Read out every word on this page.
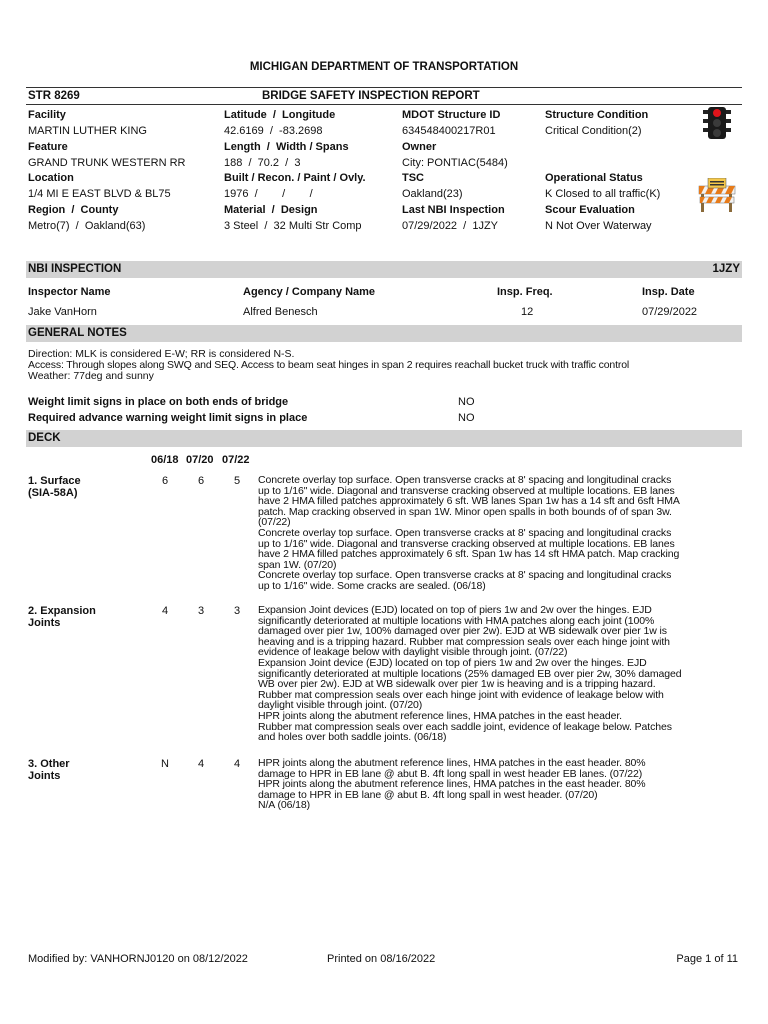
MICHIGAN DEPARTMENT OF TRANSPORTATION
STR 8269	BRIDGE SAFETY INSPECTION REPORT
Facility
MARTIN LUTHER KING
Feature
GRAND TRUNK WESTERN RR
Location
1/4 MI E EAST BLVD & BL75
Region  /  County
Metro(7)  /  Oakland(63)
Latitude  /  Longitude
42.6169  /  -83.2698
Length  /  Width / Spans
188  /  70.2  /  3
Built / Recon. / Paint / Ovly.
1976  /        /        /
Material  /  Design
3 Steel  /  32 Multi Str Comp
MDOT Structure ID
634548400217R01
Owner
City: PONTIAC(5484)
TSC
Oakland(23)
Last NBI Inspection
07/29/2022  /  1JZY
Structure Condition
Critical Condition(2)
Operational Status
K Closed to all traffic(K)
Scour Evaluation
N Not Over Waterway
NBI INSPECTION	1JZY
Inspector Name	Agency / Company Name	Insp. Freq.	Insp. Date
Jake VanHorn	Alfred Benesch	12	07/29/2022
GENERAL NOTES
Direction: MLK is considered E-W; RR is considered N-S.
Access: Through slopes along SWQ and SEQ. Access to beam seat hinges in span 2 requires reachall bucket truck with traffic control
Weather: 77deg and sunny
Weight limit signs in place on both ends of bridge	NO
Required advance warning weight limit signs in place	NO
DECK
06/18 07/20 07/22
1. Surface
(SIA-58A)
6	6	5	Concrete overlay top surface. Open transverse cracks at 8' spacing and longitudinal cracks
up to 1/16" wide. Diagonal and transverse cracking observed at multiple locations. EB lanes
have 2 HMA filled patches approximately 6 sft. WB lanes Span 1w has a 14 sft and 6sft HMA
patch. Map cracking observed in span 1W. Minor open spalls in both bounds of of span 3w.
(07/22)
Concrete overlay top surface. Open transverse cracks at 8' spacing and longitudinal cracks
up to 1/16" wide. Diagonal and transverse cracking observed at multiple locations. EB lanes
have 2 HMA filled patches approximately 6 sft. Span 1w has 14 sft HMA patch. Map cracking
span 1W. (07/20)
Concrete overlay top surface. Open transverse cracks at 8' spacing and longitudinal cracks
up to 1/16" wide. Some cracks are sealed. (06/18)
2. Expansion
Joints
4	3	3	Expansion Joint devices (EJD) located on top of piers 1w and 2w over the hinges. EJD
significantly deteriorated at multiple locations with HMA patches along each joint (100%
damaged over pier 1w, 100% damaged over pier 2w). EJD at WB sidewalk over pier 1w is
heaving and is a tripping hazard. Rubber mat compression seals over each hinge joint with
evidence of leakage below with daylight visible through joint. (07/22)
Expansion Joint device (EJD) located on top of piers 1w and 2w over the hinges. EJD
significantly deteriorated at multiple locations (25% damaged EB over pier 2w, 30% damaged
WB over pier 2w). EJD at WB sidewalk over pier 1w is heaving and is a tripping hazard.
Rubber mat compression seals over each hinge joint with evidence of leakage below with
daylight visible through joint. (07/20)
HPR joints along the abutment reference lines, HMA patches in the east header.
Rubber mat compression seals over each saddle joint, evidence of leakage below. Patches
and holes over both saddle joints. (06/18)
3. Other
Joints
N	4	4	HPR joints along the abutment reference lines, HMA patches in the east header. 80%
damage to HPR in EB lane @ abut B. 4ft long spall in west header EB lanes. (07/22)
HPR joints along the abutment reference lines, HMA patches in the east header. 80%
damage to HPR in EB lane @ abut B. 4ft long spall in west header. (07/20)
N/A (06/18)
Modified by: VANHORNJ0120 on 08/12/2022	Printed on 08/16/2022	Page 1 of 11
